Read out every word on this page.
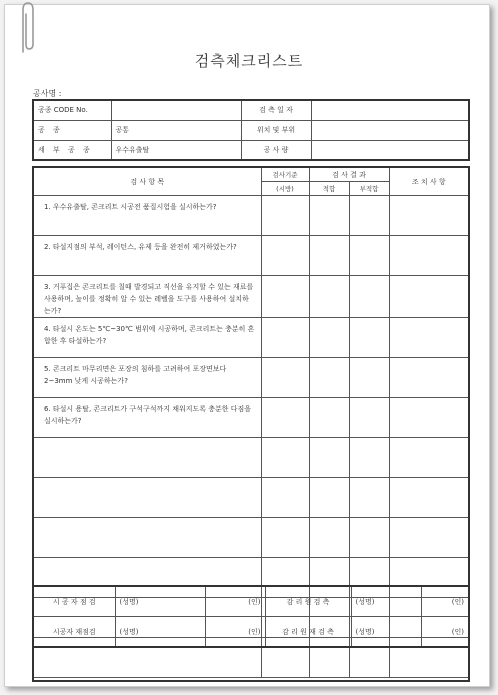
검측체크리스트
공사명 :
공종 CODE No.		검 측 일 자	
공 종	공통	위치 및 부위	
세 부 공 종	우수유출탈	공 사 량	
검 사 항 목	검사기준	검 사 결 과		조 치 사 항
	(시방)	적합	부적합	
1. 우수유출탈, 콘크리트 시공전 품질시험을 실시하는가?				
2. 타설지점의 부석, 레이턴스, 유제 등을 완전히 제거하였는가?				
3. 거푸집은 콘크리트를 칠때 발경되고 직선을 유지할 수 있는 재료를 사용하며, 높이를 정확히 알 수 있는 레벨을 도구를 사용하여 설치하는가?				
4. 타설시 온도는 5℃~30℃ 범위에 시공하며, 콘크리트는 충분히 혼합한 후 타설하는가?				
5. 콘크리트 마무리면은 포장의 침하를 고려하여 포장면보다 2~3mm 낮게 시공하는가?				
6. 타설시 용탈, 콘크리트가 구석구석까지 채워지도록 충분한 다짐을 실시하는가?				

시 공 자 점 검	(성명)	(인)	감 리 원 검 측	(성명)	(인)
시공자 재점검	(성명)	(인)	감 리 원 재 검 측	(성명)	(인)
